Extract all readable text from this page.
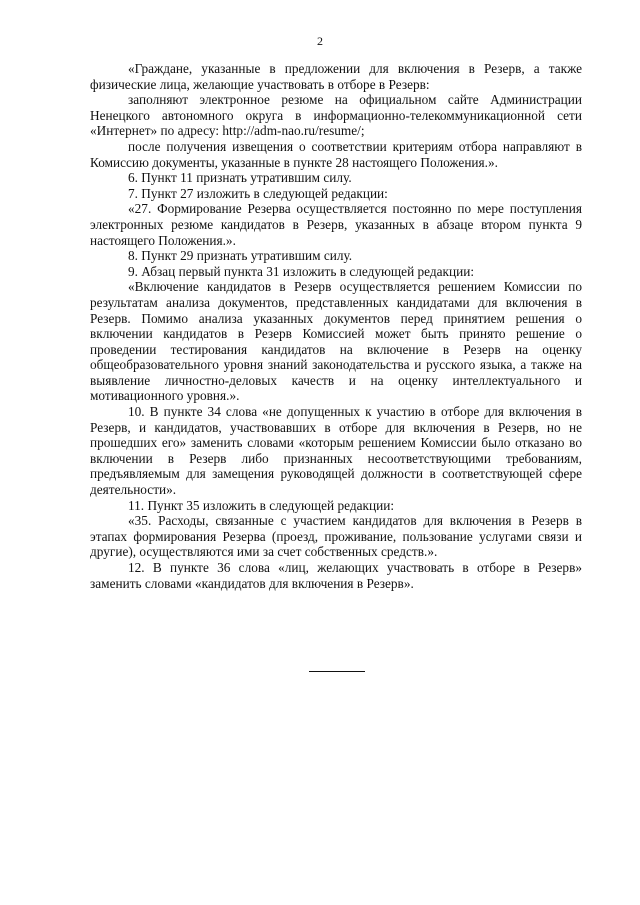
2

«Граждане, указанные в предложении для включения в Резерв, а также физические лица, желающие участвовать в отборе в Резерв:

заполняют электронное резюме на официальном сайте Администрации Ненецкого автономного округа в информационно-телекоммуникационной сети «Интернет» по адресу: http://adm-nao.ru/resume/;

после получения извещения о соответствии критериям отбора направляют в Комиссию документы, указанные в пункте 28 настоящего Положения.».

6. Пункт 11 признать утратившим силу.

7. Пункт 27 изложить в следующей редакции:

«27. Формирование Резерва осуществляется постоянно по мере поступления электронных резюме кандидатов в Резерв, указанных в абзаце втором пункта 9 настоящего Положения.».

8. Пункт 29 признать утратившим силу.

9. Абзац первый пункта 31 изложить в следующей редакции:

«Включение кандидатов в Резерв осуществляется решением Комиссии по результатам анализа документов, представленных кандидатами для включения в Резерв. Помимо анализа указанных документов перед принятием решения о включении кандидатов в Резерв Комиссией может быть принято решение о проведении тестирования кандидатов на включение в Резерв на оценку общеобразовательного уровня знаний законодательства и русского языка, а также на выявление личностно-деловых качеств и на оценку интеллектуального и мотивационного уровня.».

10. В пункте 34 слова «не допущенных к участию в отборе для включения в Резерв, и кандидатов, участвовавших в отборе для включения в Резерв, но не прошедших его» заменить словами «которым решением Комиссии было отказано во включении в Резерв либо признанных несоответствующими требованиям, предъявляемым для замещения руководящей должности в соответствующей сфере деятельности».

11. Пункт 35 изложить в следующей редакции:

«35. Расходы, связанные с участием кандидатов для включения в Резерв в этапах формирования Резерва (проезд, проживание, пользование услугами связи и другие), осуществляются ими за счет собственных средств.».

12. В пункте 36 слова «лиц, желающих участвовать в отборе в Резерв» заменить словами «кандидатов для включения в Резерв».
